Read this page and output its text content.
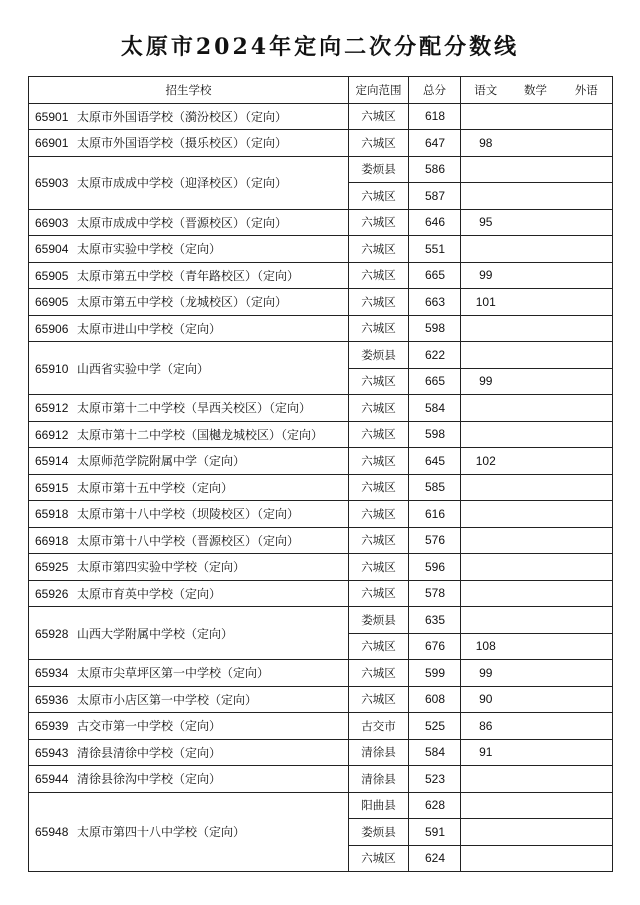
太原市2024年定向二次分配分数线
招生学校	定向范围	总分	语文	数学	外语
65901 太原市外国语学校（漪汾校区）（定向）	六城区	618			
66901 太原市外国语学校（摄乐校区）（定向）	六城区	647	98		
65903 太原市成成中学校（迎泽校区）（定向）	娄烦县	586			
	六城区	587			
66903 太原市成成中学校（晋源校区）（定向）	六城区	646	95		
65904 太原市实验中学校（定向）	六城区	551			
65905 太原市第五中学校（青年路校区）（定向）	六城区	665	99		
66905 太原市第五中学校（龙城校区）（定向）	六城区	663	101		
65906 太原市进山中学校（定向）	六城区	598			
65910 山西省实验中学（定向）	娄烦县	622			
	六城区	665	99		
65912 太原市第十二中学校（旱西关校区）（定向）	六城区	584			
66912 太原市第十二中学校（国樾龙城校区）（定向）	六城区	598			
65914 太原师范学院附属中学（定向）	六城区	645	102		
65915 太原市第十五中学校（定向）	六城区	585			
65918 太原市第十八中学校（坝陵校区）（定向）	六城区	616			
66918 太原市第十八中学校（晋源校区）（定向）	六城区	576			
65925 太原市第四实验中学校（定向）	六城区	596			
65926 太原市育英中学校（定向）	六城区	578			
65928 山西大学附属中学校（定向）	娄烦县	635			
	六城区	676	108		
65934 太原市尖草坪区第一中学校（定向）	六城区	599	99		
65936 太原市小店区第一中学校（定向）	六城区	608	90		
65939 古交市第一中学校（定向）	古交市	525	86		
65943 清徐县清徐中学校（定向）	清徐县	584	91		
65944 清徐县徐沟中学校（定向）	清徐县	523			
65948 太原市第四十八中学校（定向）	阳曲县	628			
	娄烦县	591			
	六城区	624			
